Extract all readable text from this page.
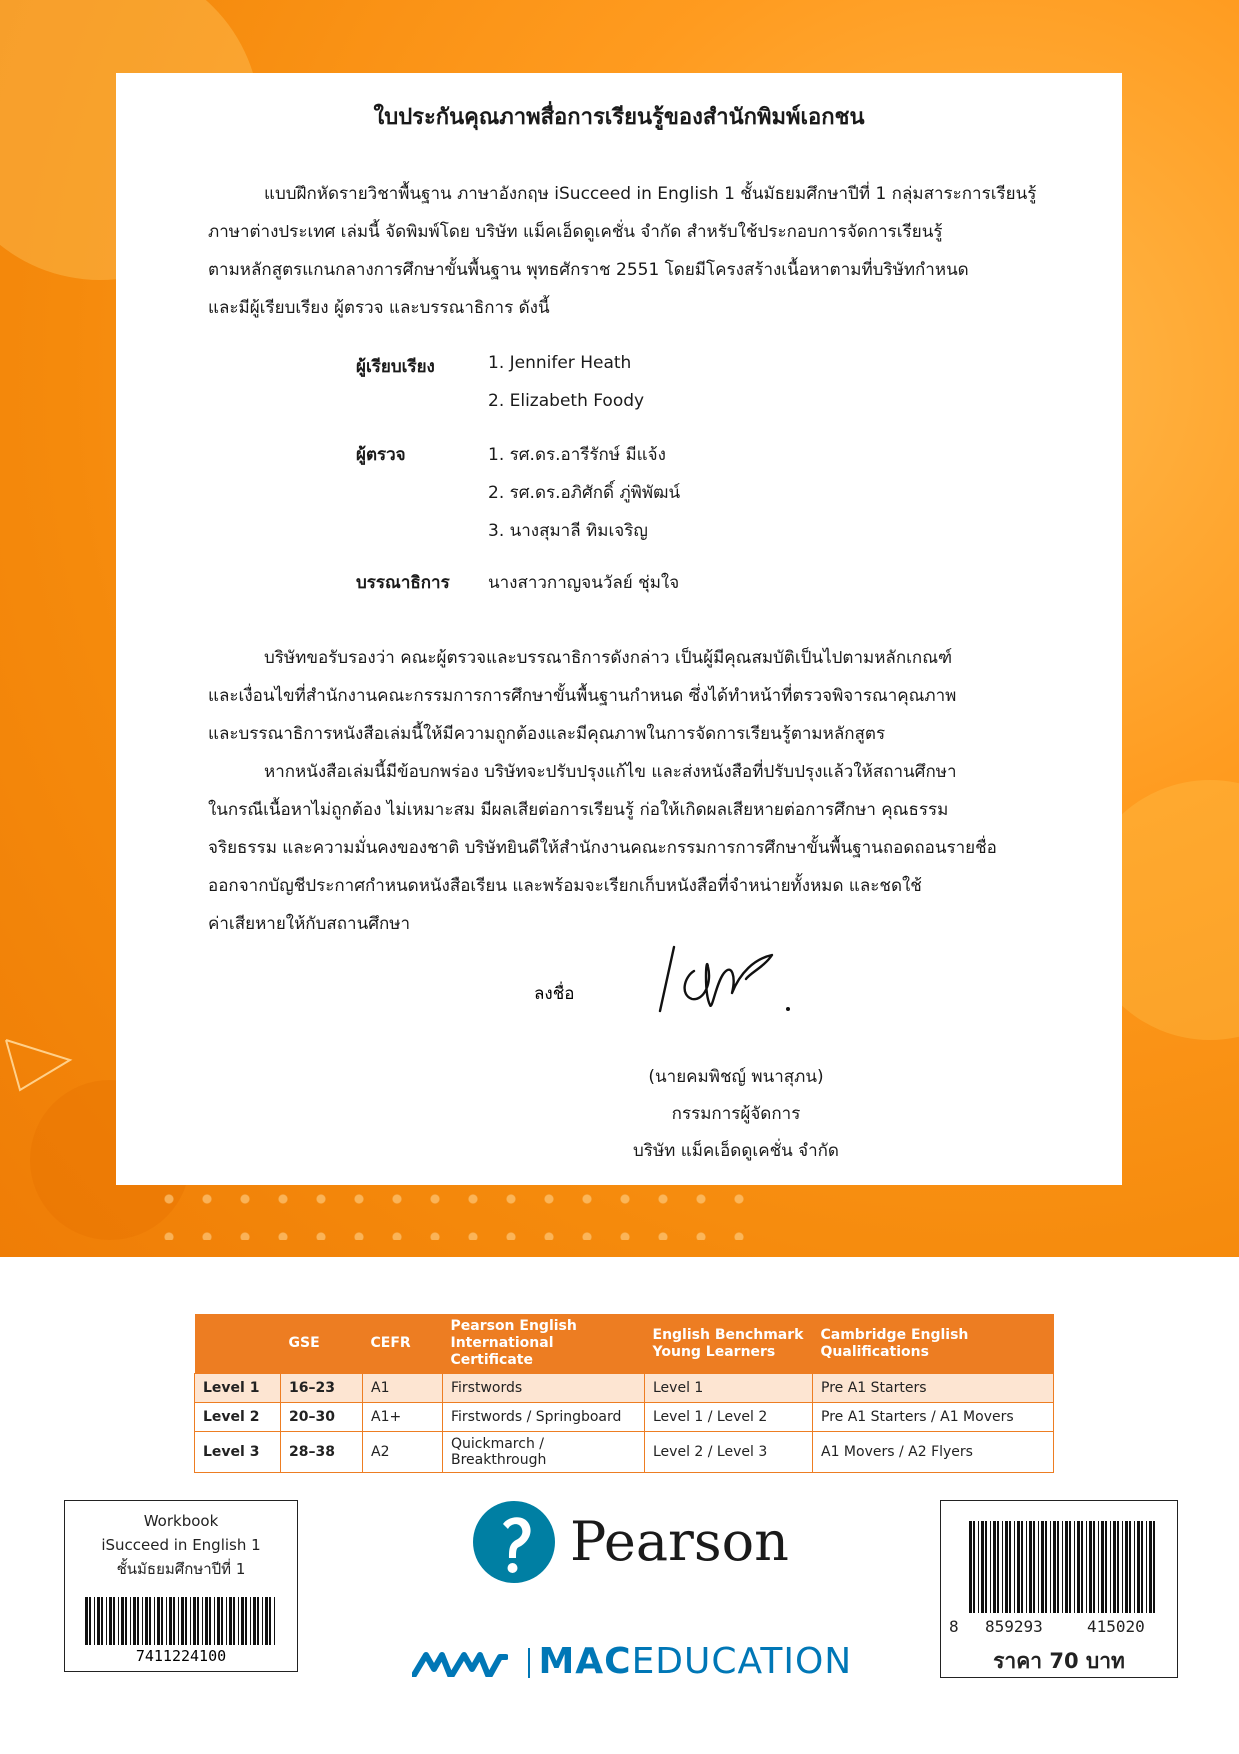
ใบประกันคุณภาพสื่อการเรียนรู้ของสำนักพิมพ์เอกชน
แบบฝึกหัดรายวิชาพื้นฐาน ภาษาอังกฤษ iSucceed in English 1 ชั้นมัธยมศึกษาปีที่ 1 กลุ่มสาระการเรียนรู้
ภาษาต่างประเทศ เล่มนี้ จัดพิมพ์โดย บริษัท แม็คเอ็ดดูเคชั่น จำกัด สำหรับใช้ประกอบการจัดการเรียนรู้
ตามหลักสูตรแกนกลางการศึกษาขั้นพื้นฐาน พุทธศักราช 2551 โดยมีโครงสร้างเนื้อหาตามที่บริษัทกำหนด
และมีผู้เรียบเรียง ผู้ตรวจ และบรรณาธิการ ดังนี้
ผู้เรียบเรียง	1. Jennifer Heath
2. Elizabeth Foody
ผู้ตรวจ	1. รศ.ดร.อารีรักษ์ มีแจ้ง
2. รศ.ดร.อภิศักดิ์ ภู่พิพัฒน์
3. นางสุมาลี ทิมเจริญ
บรรณาธิการ นางสาวกาญจนวัลย์ ชุ่มใจ
บริษัทขอรับรองว่า คณะผู้ตรวจและบรรณาธิการดังกล่าว เป็นผู้มีคุณสมบัติเป็นไปตามหลักเกณฑ์
และเงื่อนไขที่สำนักงานคณะกรรมการการศึกษาขั้นพื้นฐานกำหนด ซึ่งได้ทำหน้าที่ตรวจพิจารณาคุณภาพ
และบรรณาธิการหนังสือเล่มนี้ให้มีความถูกต้องและมีคุณภาพในการจัดการเรียนรู้ตามหลักสูตร
หากหนังสือเล่มนี้มีข้อบกพร่อง บริษัทจะปรับปรุงแก้ไข และส่งหนังสือที่ปรับปรุงแล้วให้สถานศึกษา
ในกรณีเนื้อหาไม่ถูกต้อง ไม่เหมาะสม มีผลเสียต่อการเรียนรู้ ก่อให้เกิดผลเสียหายต่อการศึกษา คุณธรรม
จริยธรรม และความมั่นคงของชาติ บริษัทยินดีให้สำนักงานคณะกรรมการการศึกษาขั้นพื้นฐานถอดถอนรายชื่อ
ออกจากบัญชีประกาศกำหนดหนังสือเรียน และพร้อมจะเรียกเก็บหนังสือที่จำหน่ายทั้งหมด และชดใช้
ค่าเสียหายให้กับสถานศึกษา
ลงชื่อ
(นายคมพิชญ์ พนาสุภน)
กรรมการผู้จัดการ
บริษัท แม็คเอ็ดดูเคชั่น จำกัด
	GSE	CEFR	Pearson English International Certificate	English Benchmark Young Learners	Cambridge English Qualifications
Level 1	16–23	A1	Firstwords	Level 1	Pre A1 Starters
Level 2	20–30	A1+	Firstwords / Springboard	Level 1 / Level 2	Pre A1 Starters / A1 Movers
Level 3	28–38	A2	Quickmarch / Breakthrough	Level 2 / Level 3	A1 Movers / A2 Flyers
Workbook
iSucceed in English 1
ชั้นมัธยมศึกษาปีที่ 1
7411224100
Pearson
MACEDUCATION
8 859293	415020
ราคา 70 บาท
